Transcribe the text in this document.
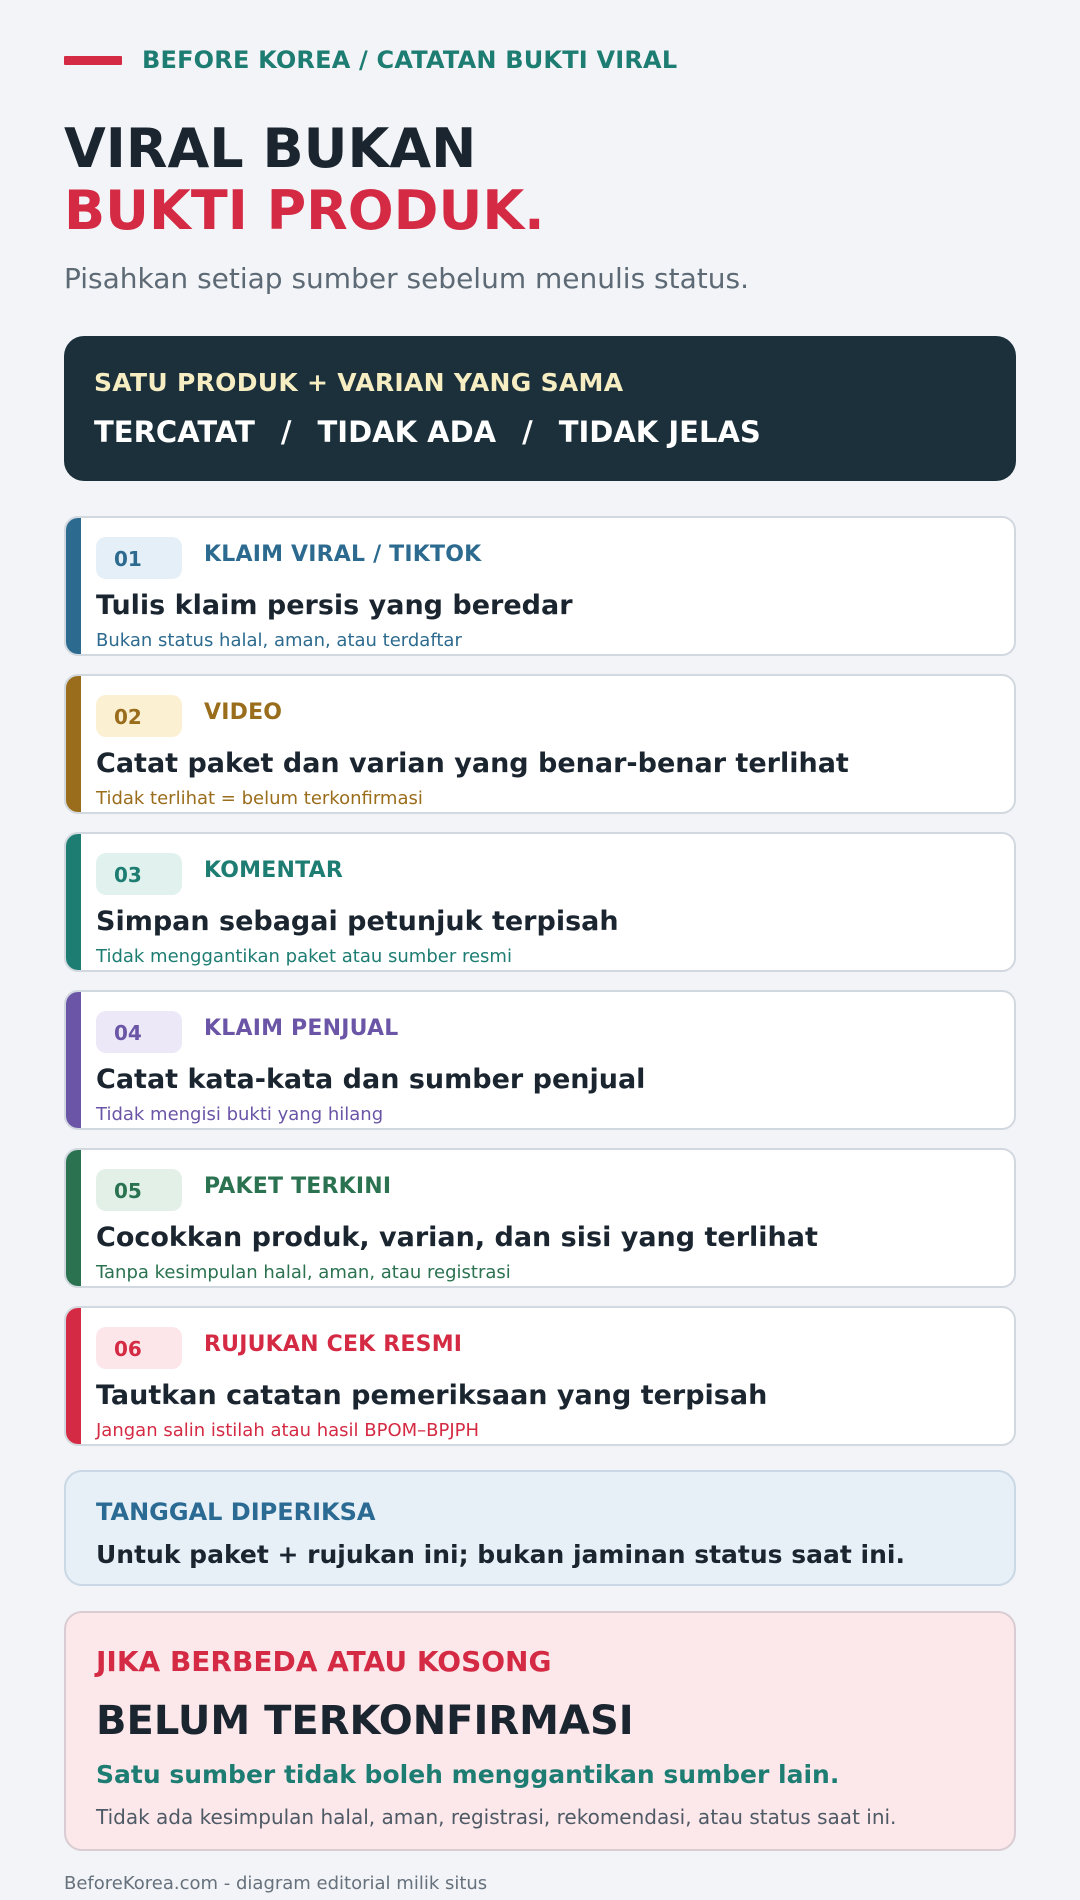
BEFORE KOREA / CATATAN BUKTI VIRAL
VIRAL BUKAN
BUKTI PRODUK.
Pisahkan setiap sumber sebelum menulis status.
SATU PRODUK + VARIAN YANG SAMA
TERCATAT / TIDAK ADA / TIDAK JELAS
01	KLAIM VIRAL / TIKTOK
Tulis klaim persis yang beredar
Bukan status halal, aman, atau terdaftar
02	VIDEO
Catat paket dan varian yang benar-benar terlihat
Tidak terlihat = belum terkonfirmasi
03	KOMENTAR
Simpan sebagai petunjuk terpisah
Tidak menggantikan paket atau sumber resmi
04	KLAIM PENJUAL
Catat kata-kata dan sumber penjual
Tidak mengisi bukti yang hilang
05	PAKET TERKINI
Cocokkan produk, varian, dan sisi yang terlihat
Tanpa kesimpulan halal, aman, atau registrasi
06	RUJUKAN CEK RESMI
Tautkan catatan pemeriksaan yang terpisah
Jangan salin istilah atau hasil BPOM–BPJPH
TANGGAL DIPERIKSA
Untuk paket + rujukan ini; bukan jaminan status saat ini.
JIKA BERBEDA ATAU KOSONG
BELUM TERKONFIRMASI
Satu sumber tidak boleh menggantikan sumber lain.
Tidak ada kesimpulan halal, aman, registrasi, rekomendasi, atau status saat ini.
BeforeKorea.com - diagram editorial milik situs
